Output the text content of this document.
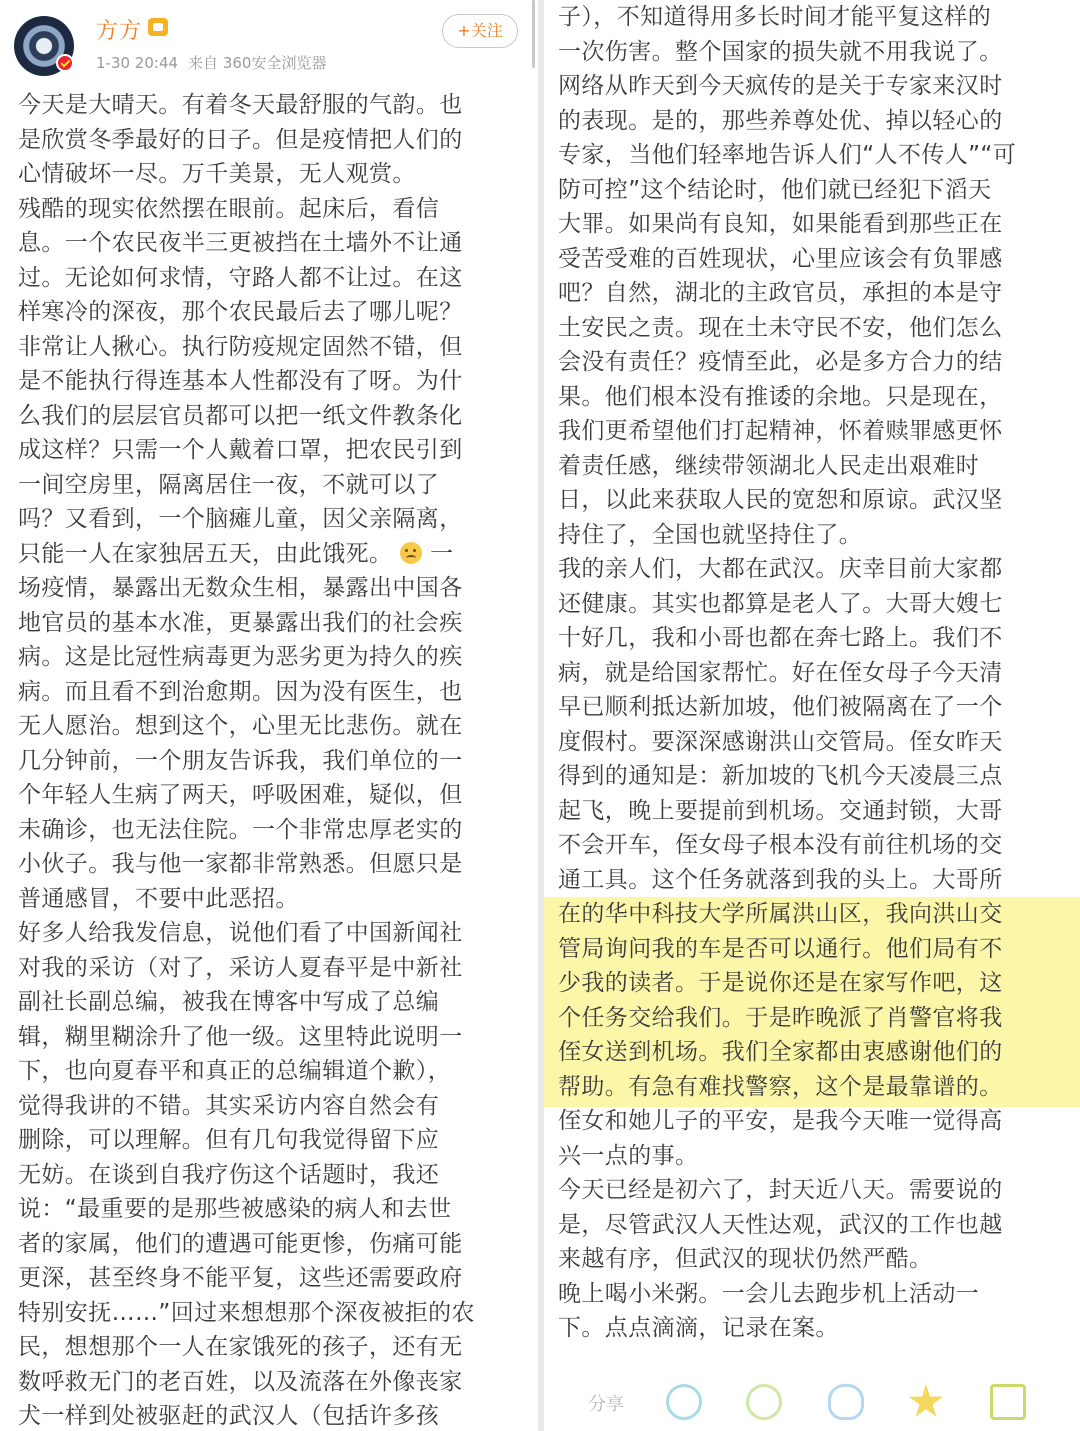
方方
1-30 20:44 来自 360安全浏览器
+关注
今天是大晴天。有着冬天最舒服的气韵。也
是欣赏冬季最好的日子。但是疫情把人们的
心情破坏一尽。万千美景，无人观赏。
残酷的现实依然摆在眼前。起床后，看信
息。一个农民夜半三更被挡在土墙外不让通
过。无论如何求情，守路人都不让过。在这
样寒冷的深夜，那个农民最后去了哪儿呢？
非常让人揪心。执行防疫规定固然不错，但
是不能执行得连基本人性都没有了呀。为什
么我们的层层官员都可以把一纸文件教条化
成这样？只需一个人戴着口罩，把农民引到
一间空房里，隔离居住一夜，不就可以了
吗？又看到，一个脑瘫儿童，因父亲隔离，
只能一人在家独居五天，由此饿死。 一
场疫情，暴露出无数众生相，暴露出中国各
地官员的基本水准，更暴露出我们的社会疾
病。这是比冠性病毒更为恶劣更为持久的疾
病。而且看不到治愈期。因为没有医生，也
无人愿治。想到这个，心里无比悲伤。就在
几分钟前，一个朋友告诉我，我们单位的一
个年轻人生病了两天，呼吸困难，疑似，但
未确诊，也无法住院。一个非常忠厚老实的
小伙子。我与他一家都非常熟悉。但愿只是
普通感冒，不要中此恶招。
好多人给我发信息，说他们看了中国新闻社
对我的采访（对了，采访人夏春平是中新社
副社长副总编，被我在博客中写成了总编
辑，糊里糊涂升了他一级。这里特此说明一
下，也向夏春平和真正的总编辑道个歉），
觉得我讲的不错。其实采访内容自然会有
删除，可以理解。但有几句我觉得留下应
无妨。在谈到自我疗伤这个话题时，我还
说：“最重要的是那些被感染的病人和去世
者的家属，他们的遭遇可能更惨，伤痛可能
更深，甚至终身不能平复，这些还需要政府
特别安抚……”回过来想想那个深夜被拒的农
民，想想那个一人在家饿死的孩子，还有无
数呼救无门的老百姓，以及流落在外像丧家
犬一样到处被驱赶的武汉人（包括许多孩
子），不知道得用多长时间才能平复这样的
一次伤害。整个国家的损失就不用我说了。
网络从昨天到今天疯传的是关于专家来汉时
的表现。是的，那些养尊处优、掉以轻心的
专家，当他们轻率地告诉人们“人不传人”“可
防可控”这个结论时，他们就已经犯下滔天
大罪。如果尚有良知，如果能看到那些正在
受苦受难的百姓现状，心里应该会有负罪感
吧？自然，湖北的主政官员，承担的本是守
土安民之责。现在土未守民不安，他们怎么
会没有责任？疫情至此，必是多方合力的结
果。他们根本没有推诿的余地。只是现在，
我们更希望他们打起精神，怀着赎罪感更怀
着责任感，继续带领湖北人民走出艰难时
日，以此来获取人民的宽恕和原谅。武汉坚
持住了，全国也就坚持住了。
我的亲人们，大都在武汉。庆幸目前大家都
还健康。其实也都算是老人了。大哥大嫂七
十好几，我和小哥也都在奔七路上。我们不
病，就是给国家帮忙。好在侄女母子今天清
早已顺利抵达新加坡，他们被隔离在了一个
度假村。要深深感谢洪山交管局。侄女昨天
得到的通知是：新加坡的飞机今天凌晨三点
起飞，晚上要提前到机场。交通封锁，大哥
不会开车，侄女母子根本没有前往机场的交
通工具。这个任务就落到我的头上。大哥所
在的华中科技大学所属洪山区，我向洪山交
管局询问我的车是否可以通行。他们局有不
少我的读者。于是说你还是在家写作吧，这
个任务交给我们。于是昨晚派了肖警官将我
侄女送到机场。我们全家都由衷感谢他们的
帮助。有急有难找警察，这个是最靠谱的。
侄女和她儿子的平安，是我今天唯一觉得高
兴一点的事。
今天已经是初六了，封天近八天。需要说的
是，尽管武汉人天性达观，武汉的工作也越
来越有序，但武汉的现状仍然严酷。
晚上喝小米粥。一会儿去跑步机上活动一
下。点点滴滴，记录在案。
分享
